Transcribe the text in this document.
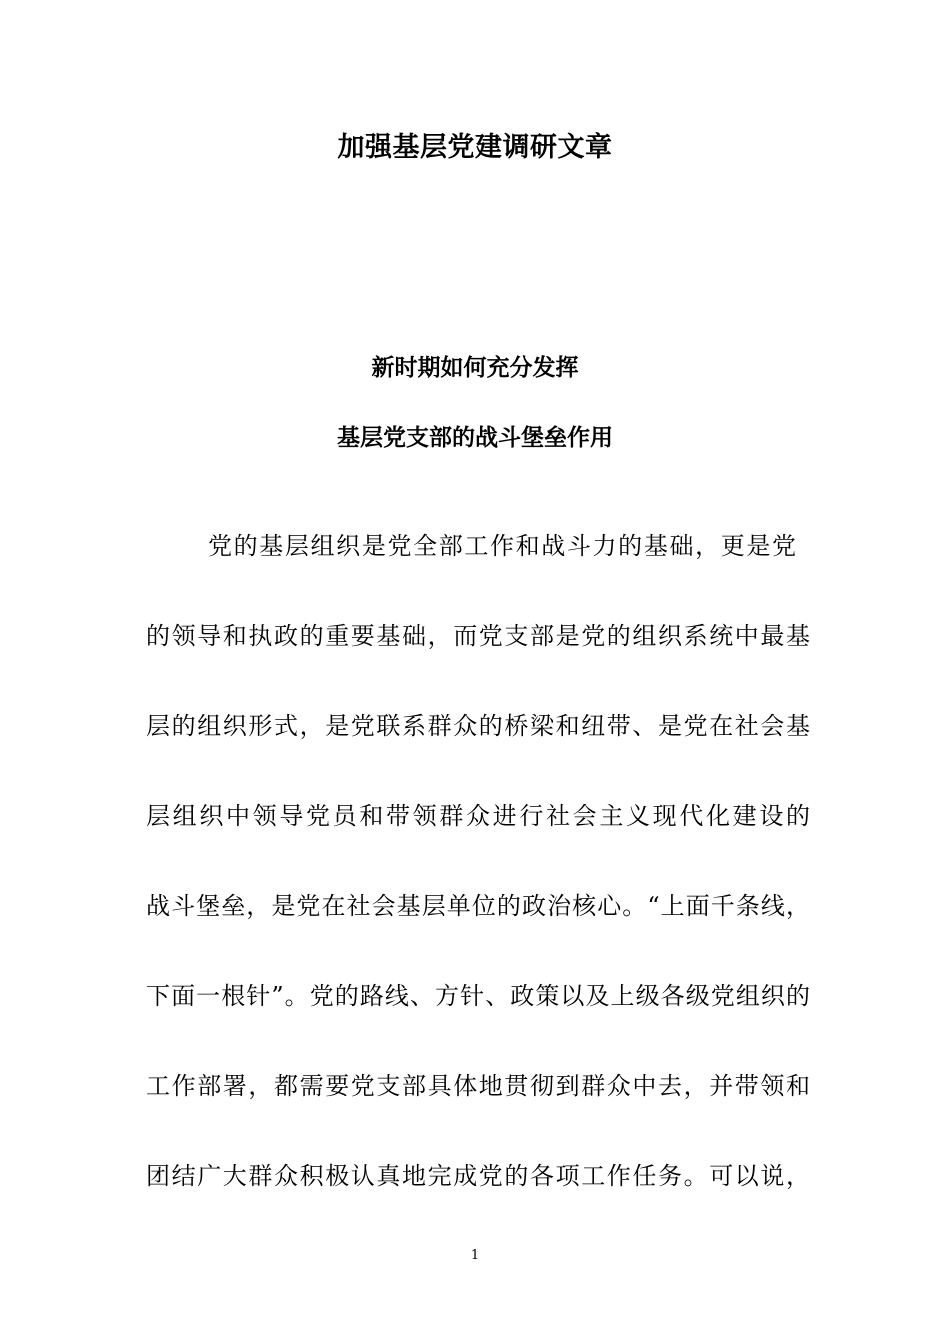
加强基层党建调研文章
新时期如何充分发挥
基层党支部的战斗堡垒作用
党的基层组织是党全部工作和战斗力的基础，更是党
的领导和执政的重要基础，而党支部是党的组织系统中最基
层的组织形式，是党联系群众的桥梁和纽带、是党在社会基
层组织中领导党员和带领群众进行社会主义现代化建设的
战斗堡垒，是党在社会基层单位的政治核心。“上面千条线，
下面一根针”。党的路线、方针、政策以及上级各级党组织的
工作部署，都需要党支部具体地贯彻到群众中去，并带领和
团结广大群众积极认真地完成党的各项工作任务。可以说，
1
